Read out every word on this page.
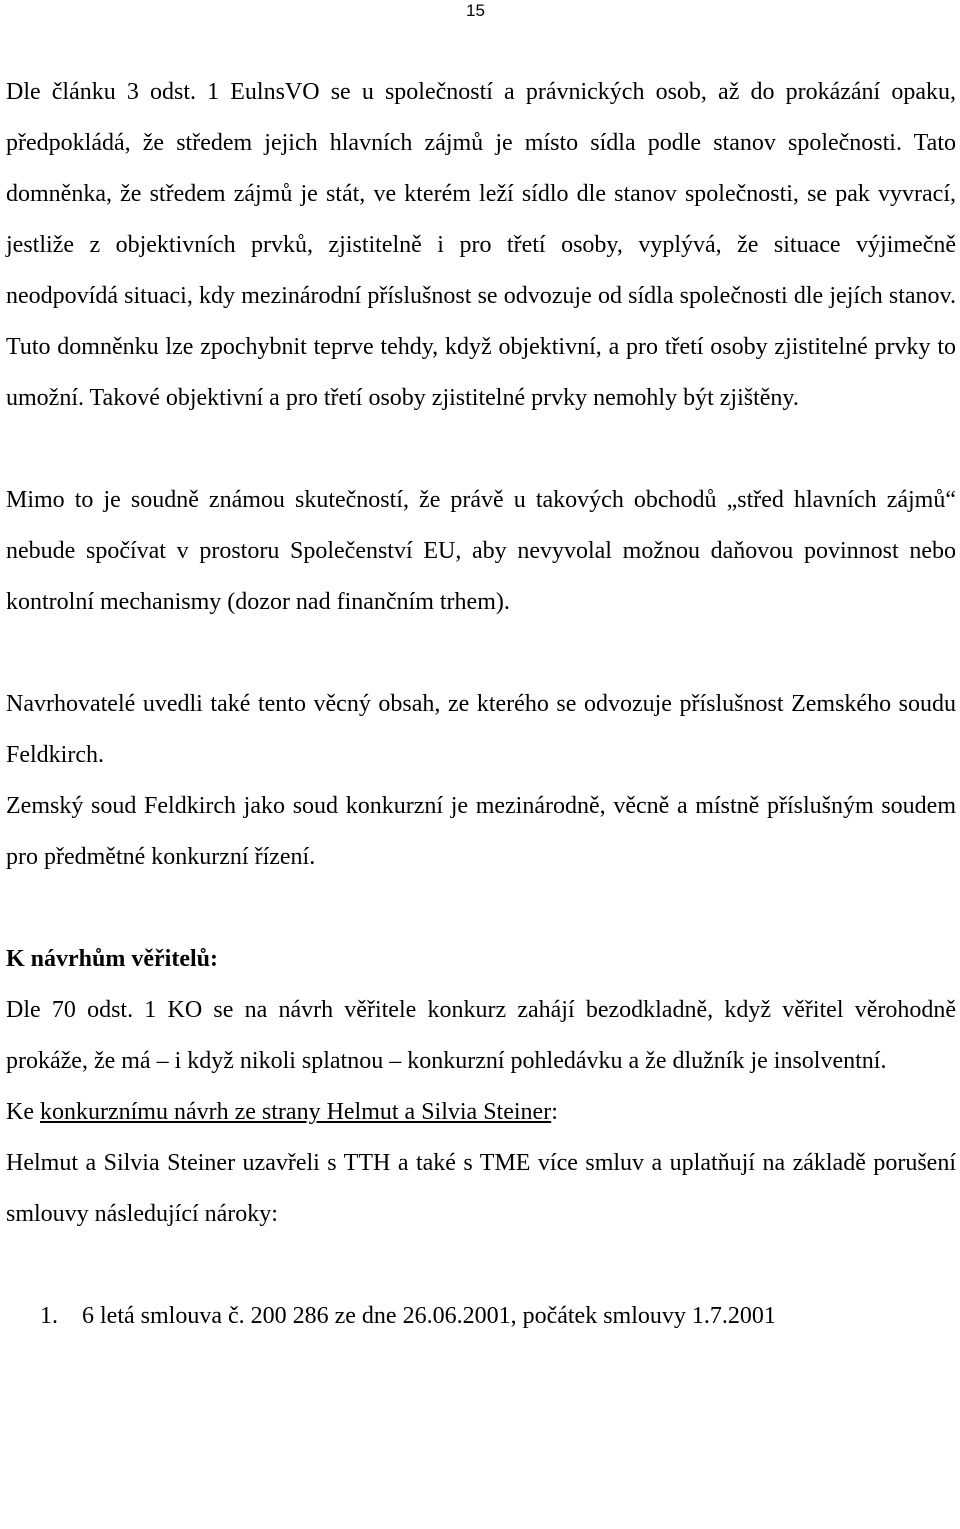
15

Dle článku 3 odst. 1 EulnsVO se u společností a právnických osob, až do prokázání opaku, předpokládá, že středem jejich hlavních zájmů je místo sídla podle stanov společnosti. Tato domněnka, že středem zájmů je stát, ve kterém leží sídlo dle stanov společnosti, se pak vyvrací, jestliže z objektivních prvků, zjistitelně i pro třetí osoby, vyplývá, že situace výjimečně neodpovídá situaci, kdy mezinárodní příslušnost se odvozuje od sídla společnosti dle jejích stanov. Tuto domněnku lze zpochybnit teprve tehdy, když objektivní, a pro třetí osoby zjistitelné prvky to umožní. Takové objektivní a pro třetí osoby zjistitelné prvky nemohly být zjištěny.

Mimo to je soudně známou skutečností, že právě u takových obchodů „střed hlavních zájmů“ nebude spočívat v prostoru Společenství EU, aby nevyvolal možnou daňovou povinnost nebo kontrolní mechanismy (dozor nad finančním trhem).

Navrhovatelé uvedli také tento věcný obsah, ze kterého se odvozuje příslušnost Zemského soudu Feldkirch.

Zemský soud Feldkirch jako soud konkurzní je mezinárodně, věcně a místně příslušným soudem pro předmětné konkurzní řízení.

K návrhům věřitelů:

Dle 70 odst. 1 KO se na návrh věřitele konkurz zahájí bezodkladně, když věřitel věrohodně prokáže, že má – i když nikoli splatnou – konkurzní pohledávku a že dlužník je insolventní.

Ke konkurznímu návrh ze strany Helmut a Silvia Steiner:

Helmut a Silvia Steiner uzavřeli s TTH a také s TME více smluv a uplatňují na základě porušení smlouvy následující nároky:

1. 6 letá smlouva č. 200 286 ze dne 26.06.2001, počátek smlouvy 1.7.2001
